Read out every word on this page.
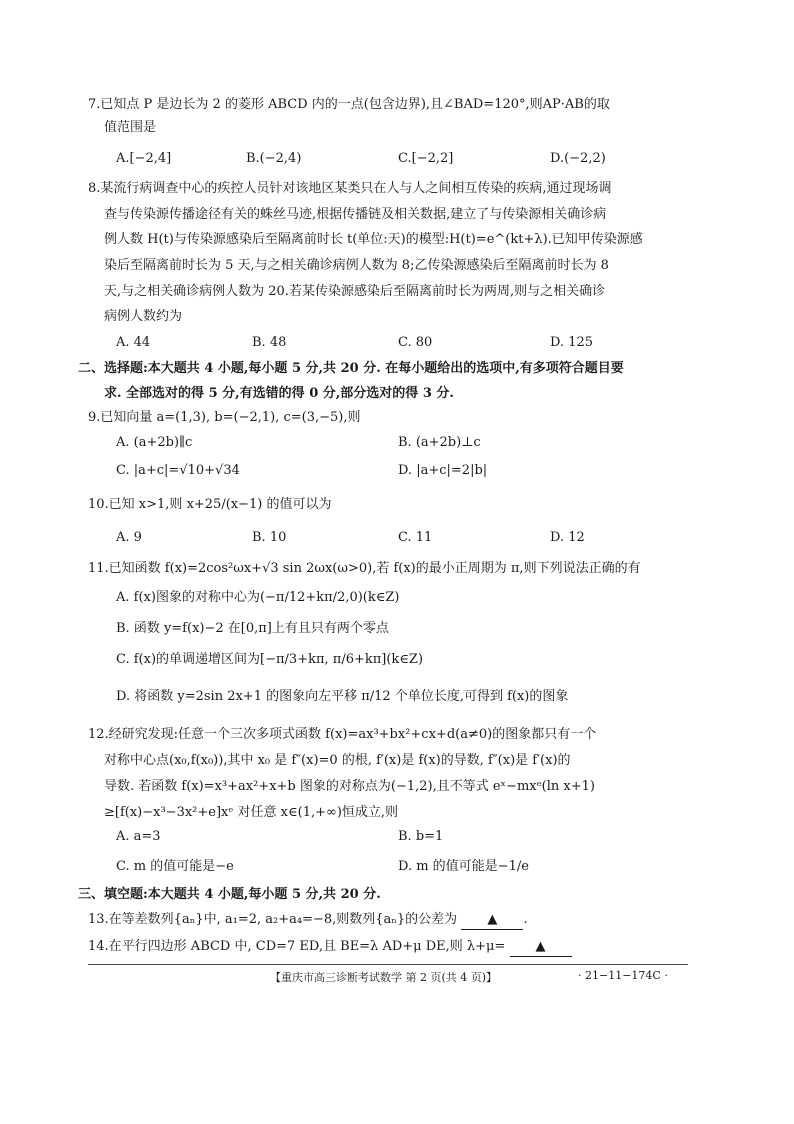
7.已知点 P 是边长为 2 的菱形 ABCD 内的一点(包含边界),且∠BAD=120°,则AP·AB的取
值范围是
A.[−2,4]	B.(−2,4)	C.[−2,2]	D.(−2,2)
8.某流行病调查中心的疾控人员针对该地区某类只在人与人之间相互传染的疾病,通过现场调
查与传染源传播途径有关的蛛丝马迹,根据传播链及相关数据,建立了与传染源相关确诊病
例人数 H(t)与传染源感染后至隔离前时长 t(单位:天)的模型:H(t)=e^(kt+λ).已知甲传染源感
染后至隔离前时长为 5 天,与之相关确诊病例人数为 8;乙传染源感染后至隔离前时长为 8
天,与之相关确诊病例人数为 20.若某传染源感染后至隔离前时长为两周,则与之相关确诊
病例人数约为
A. 44	B. 48	C. 80	D. 125
二、选择题:本大题共 4 小题,每小题 5 分,共 20 分. 在每小题给出的选项中,有多项符合题目要
求. 全部选对的得 5 分,有选错的得 0 分,部分选对的得 3 分.
9.已知向量 a=(1,3), b=(−2,1), c=(3,−5),则
A. (a+2b)∥c	B. (a+2b)⊥c
C. |a+c|=√10+√34	D. |a+c|=2|b|
10.已知 x>1,则 x+25/(x−1) 的值可以为
A. 9	B. 10	C. 11	D. 12
11.已知函数 f(x)=2cos²ωx+√3 sin 2ωx(ω>0),若 f(x)的最小正周期为 π,则下列说法正确的有
A. f(x)图象的对称中心为(−π/12+kπ/2,0)(k∈Z)
B. 函数 y=f(x)−2 在[0,π]上有且只有两个零点
C. f(x)的单调递增区间为[−π/3+kπ, π/6+kπ](k∈Z)
D. 将函数 y=2sin 2x+1 的图象向左平移 π/12 个单位长度,可得到 f(x)的图象
12.经研究发现:任意一个三次多项式函数 f(x)=ax³+bx²+cx+d(a≠0)的图象都只有一个
对称中心点(x₀,f(x₀)),其中 x₀ 是 f″(x)=0 的根, f′(x)是 f(x)的导数, f″(x)是 f′(x)的
导数. 若函数 f(x)=x³+ax²+x+b 图象的对称点为(−1,2),且不等式 eˣ−mxᵉ(ln x+1)
≥[f(x)−x³−3x²+e]xᵉ 对任意 x∈(1,+∞)恒成立,则
A. a=3	B. b=1
C. m 的值可能是−e	D. m 的值可能是−1/e
三、填空题:本大题共 4 小题,每小题 5 分,共 20 分.
13.在等差数列{aₙ}中, a₁=2, a₂+a₄=−8,则数列{aₙ}的公差为 ▲ .
14.在平行四边形 ABCD 中, CD=7 ED,且 BE=λ AD+μ DE,则 λ+μ= ▲
【重庆市高三诊断考试数学 第 2 页(共 4 页)】	· 21−11−174C ·
